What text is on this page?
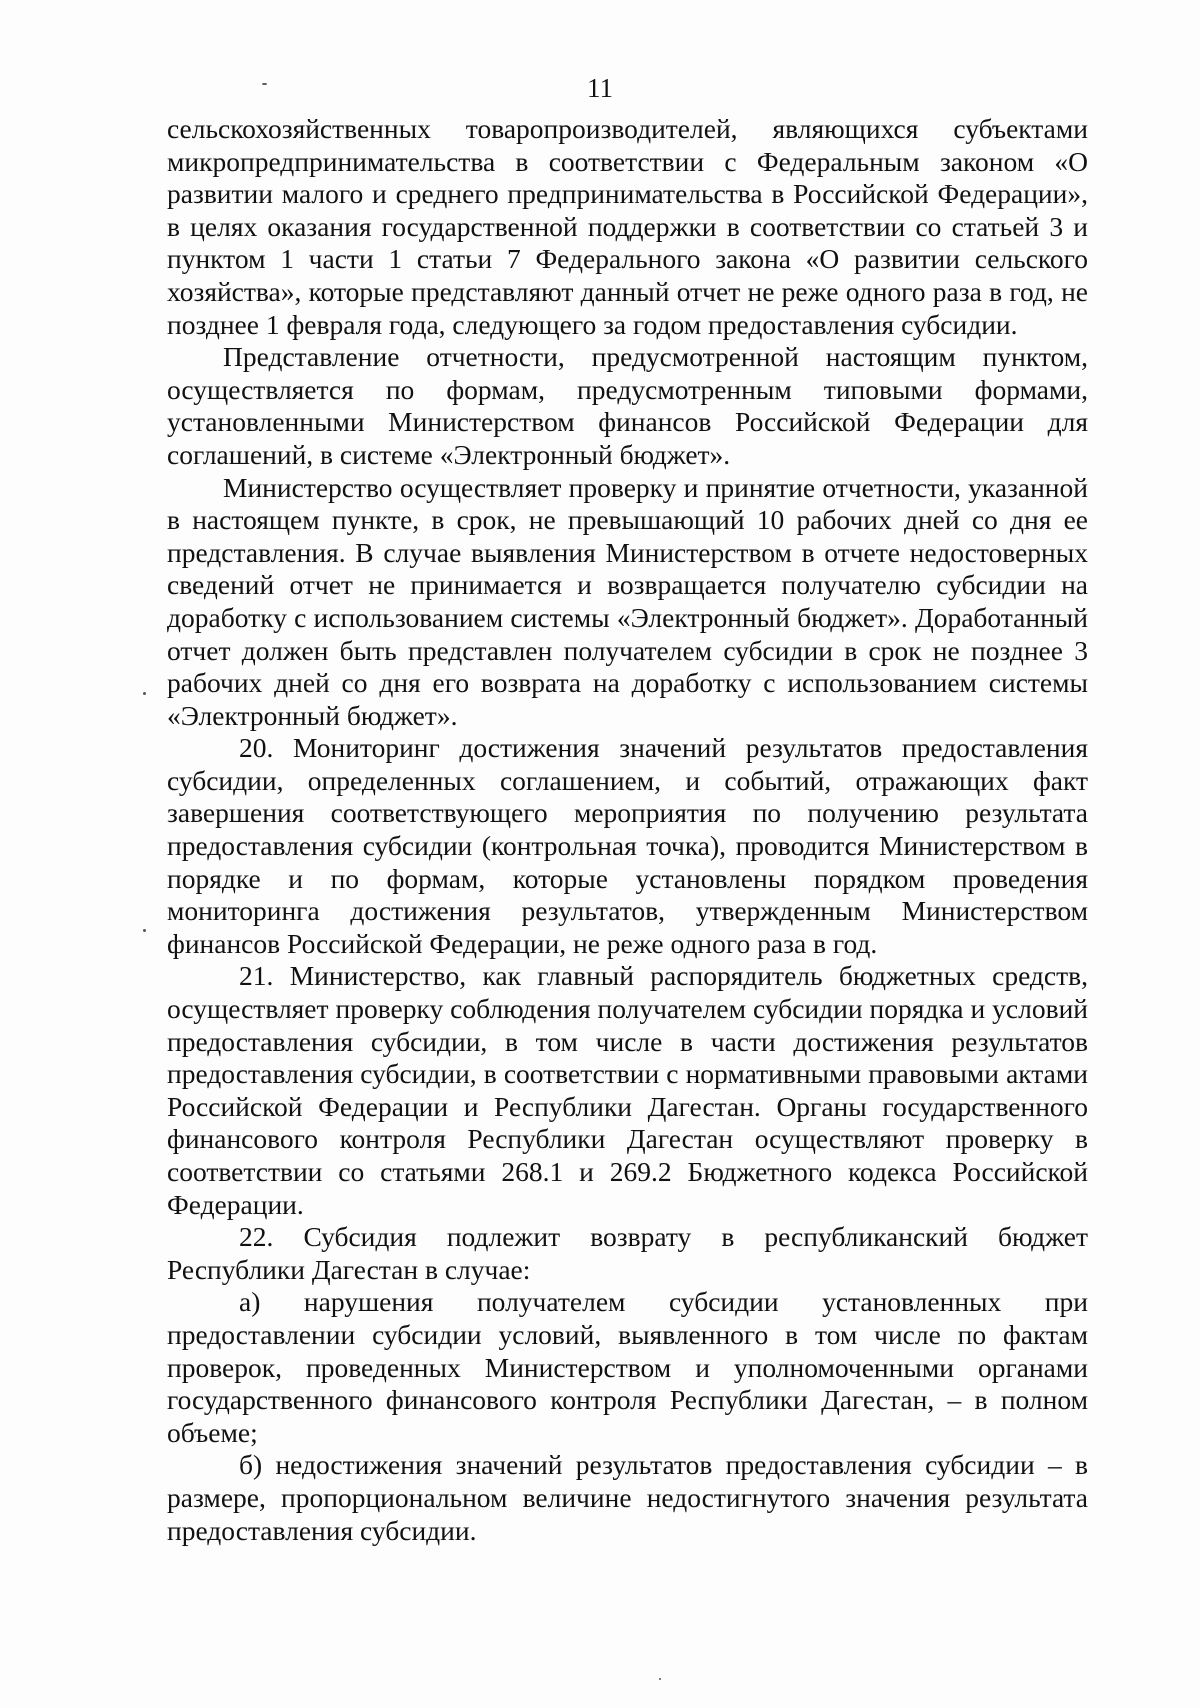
11

сельскохозяйственных товаропроизводителей, являющихся субъектами микропредпринимательства в соответствии с Федеральным законом «О развитии малого и среднего предпринимательства в Российской Федерации», в целях оказания государственной поддержки в соответствии со статьей 3 и пунктом 1 части 1 статьи 7 Федерального закона «О развитии сельского хозяйства», которые представляют данный отчет не реже одного раза в год, не позднее 1 февраля года, следующего за годом предоставления субсидии.

Представление отчетности, предусмотренной настоящим пунктом, осуществляется по формам, предусмотренным типовыми формами, установленными Министерством финансов Российской Федерации для соглашений, в системе «Электронный бюджет».

Министерство осуществляет проверку и принятие отчетности, указанной в настоящем пункте, в срок, не превышающий 10 рабочих дней со дня ее представления. В случае выявления Министерством в отчете недостоверных сведений отчет не принимается и возвращается получателю субсидии на доработку с использованием системы «Электронный бюджет». Доработанный отчет должен быть представлен получателем субсидии в срок не позднее 3 рабочих дней со дня его возврата на доработку с использованием системы «Электронный бюджет».

20. Мониторинг достижения значений результатов предоставления субсидии, определенных соглашением, и событий, отражающих факт завершения соответствующего мероприятия по получению результата предоставления субсидии (контрольная точка), проводится Министерством в порядке и по формам, которые установлены порядком проведения мониторинга достижения результатов, утвержденным Министерством финансов Российской Федерации, не реже одного раза в год.

21. Министерство, как главный распорядитель бюджетных средств, осуществляет проверку соблюдения получателем субсидии порядка и условий предоставления субсидии, в том числе в части достижения результатов предоставления субсидии, в соответствии с нормативными правовыми актами Российской Федерации и Республики Дагестан. Органы государственного финансового контроля Республики Дагестан осуществляют проверку в соответствии со статьями 268.1 и 269.2 Бюджетного кодекса Российской Федерации.

22. Субсидия подлежит возврату в республиканский бюджет Республики Дагестан в случае:

а) нарушения получателем субсидии установленных при предоставлении субсидии условий, выявленного в том числе по фактам проверок, проведенных Министерством и уполномоченными органами государственного финансового контроля Республики Дагестан, – в полном объеме;

б) недостижения значений результатов предоставления субсидии – в размере, пропорциональном величине недостигнутого значения результата предоставления субсидии.
